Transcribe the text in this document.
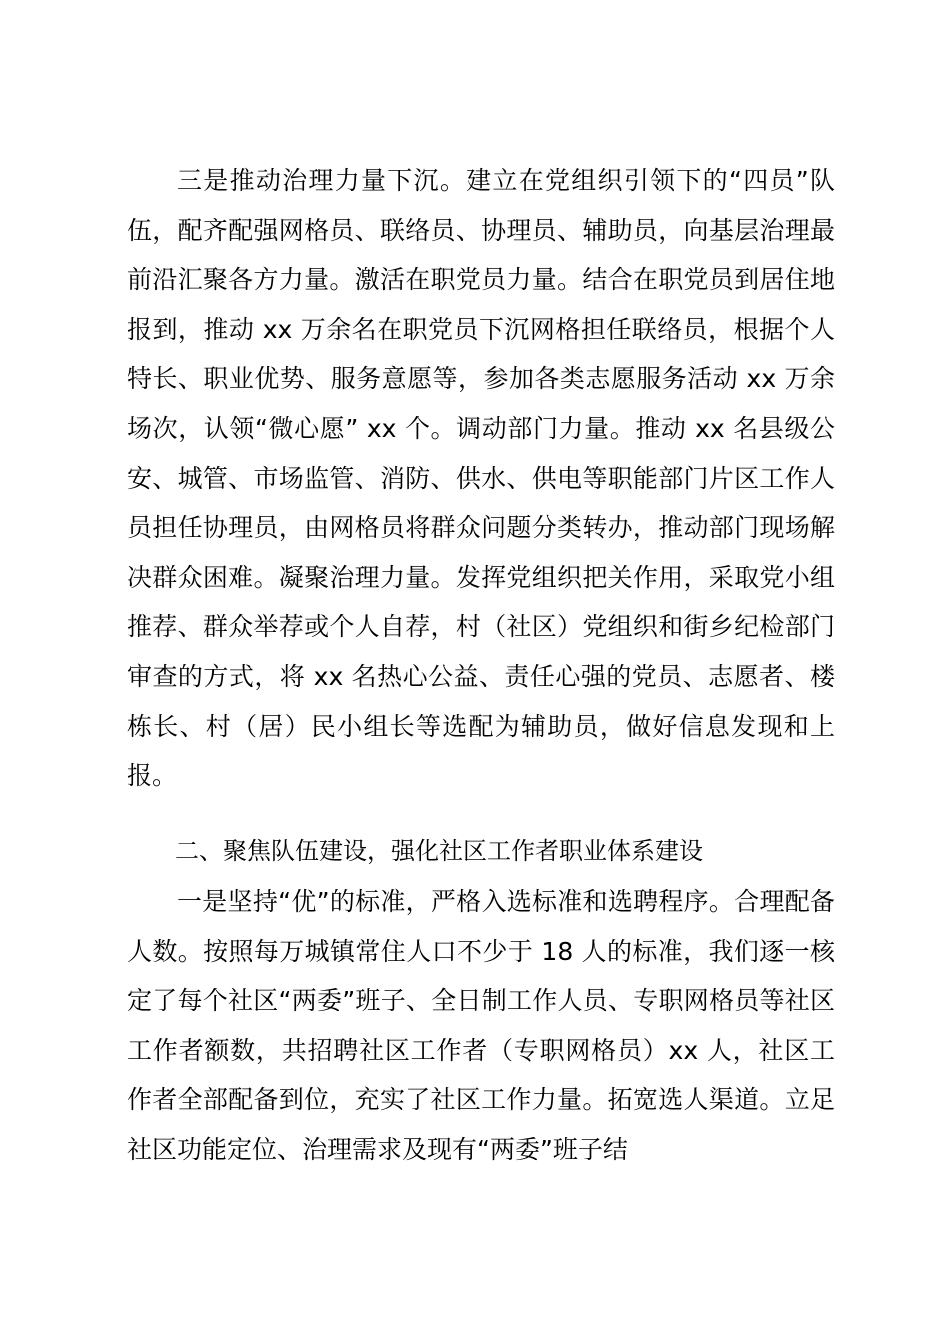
三是推动治理力量下沉。建立在党组织引领下的“四员”队伍，配齐配强网格员、联络员、协理员、辅助员，向基层治理最前沿汇聚各方力量。激活在职党员力量。结合在职党员到居住地报到，推动 xx 万余名在职党员下沉网格担任联络员，根据个人特长、职业优势、服务意愿等，参加各类志愿服务活动 xx 万余场次，认领“微心愿” xx 个。调动部门力量。推动 xx 名县级公安、城管、市场监管、消防、供水、供电等职能部门片区工作人员担任协理员，由网格员将群众问题分类转办，推动部门现场解决群众困难。凝聚治理力量。发挥党组织把关作用，采取党小组推荐、群众举荐或个人自荐，村（社区）党组织和街乡纪检部门审查的方式，将 xx 名热心公益、责任心强的党员、志愿者、楼栋长、村（居）民小组长等选配为辅助员，做好信息发现和上报。

二、聚焦队伍建设，强化社区工作者职业体系建设

一是坚持“优”的标准，严格入选标准和选聘程序。合理配备人数。按照每万城镇常住人口不少于 18 人的标准，我们逐一核定了每个社区“两委”班子、全日制工作人员、专职网格员等社区工作者额数，共招聘社区工作者（专职网格员）xx 人，社区工作者全部配备到位，充实了社区工作力量。拓宽选人渠道。立足社区功能定位、治理需求及现有“两委”班子结
